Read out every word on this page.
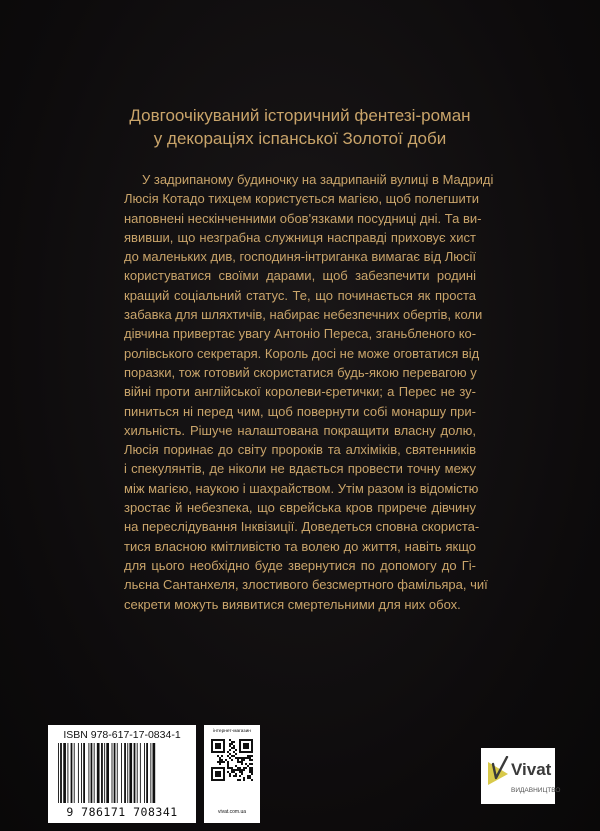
Довгоочікуваний історичний фентезі-роман
у декораціях іспанської Золотої доби
У задрипаному будиночку на задрипаній вулиці в Мадриді
Люсія Котадо тихцем користується магією, щоб полегшити
наповнені нескінченними обов'язками посудниці дні. Та ви-
явивши, що незграбна служниця насправді приховує хист
до маленьких див, господиня-інтриганка вимагає від Люсії
користуватися своїми дарами, щоб забезпечити родині
кращий соціальний статус. Те, що починається як проста
забавка для шляхтичів, набирає небезпечних обертів, коли
дівчина привертає увагу Антоніо Переса, зганьбленого ко-
ролівського секретаря. Король досі не може оговтатися від
поразки, тож готовий скористатися будь-якою перевагою у
війні проти англійської королеви-єретички; а Перес не зу-
пиниться ні перед чим, щоб повернути собі монаршу при-
хильність. Рішуче налаштована покращити власну долю,
Люсія поринає до світу пророків та алхіміків, святенників
і спекулянтів, де ніколи не вдається провести точну межу
між магією, наукою і шахрайством. Утім разом із відомістю
зростає й небезпека, що єврейська кров прирече дівчину
на переслідування Інквізиції. Доведеться сповна скориста-
тися власною кмітливістю та волею до життя, навіть якщо
для цього необхідно буде звернутися по допомогу до Гі-
льєна Сантанхеля, злостивого безсмертного фамільяра, чиї
секрети можуть виявитися смертельними для них обох.
ISBN 978-617-17-0834-1
9 786171 708341
інтернет-магазин
vivat.com.ua
Vivat
ВИДАВНИЦТВО
